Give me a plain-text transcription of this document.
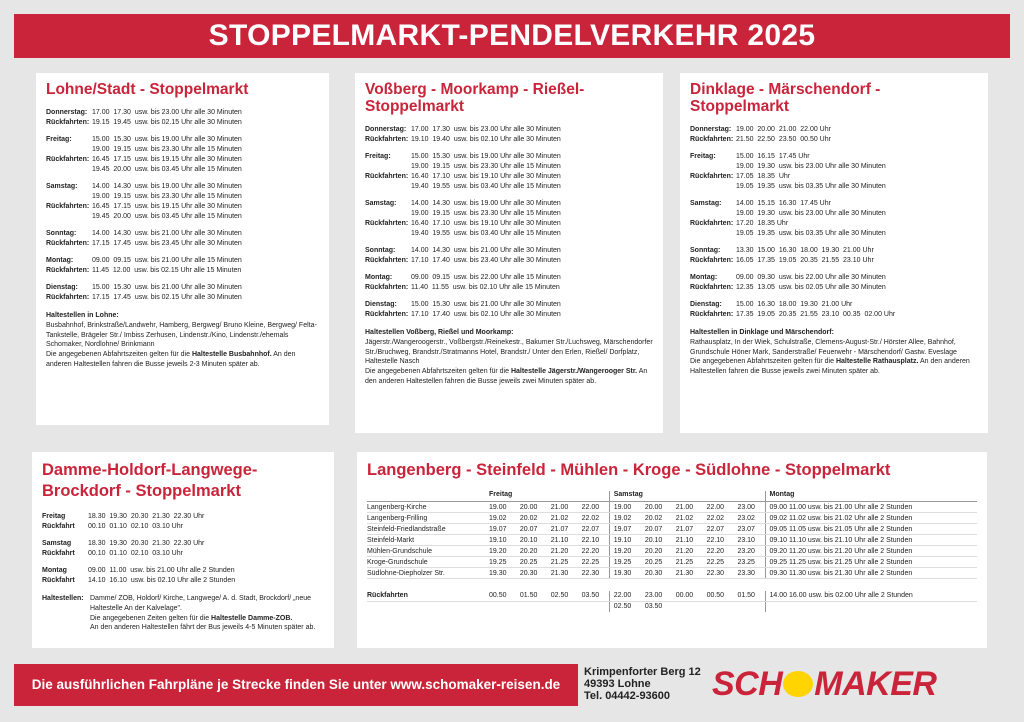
STOPPELMARKT-PENDELVERKEHR 2025
Lohne/Stadt - Stoppelmarkt
Donnerstag: 17.00  17.30  usw. bis 23.00 Uhr alle 30 Minuten
Rückfahrten: 19.15  19.45  usw. bis 02.15 Uhr alle 30 Minuten
Freitag:	15.00  15.30  usw. bis 19.00 Uhr alle 30 Minuten
19.00  19.15  usw. bis 23.30 Uhr alle 15 Minuten
Rückfahrten: 16.45  17.15  usw. bis 19.15 Uhr alle 30 Minuten
19.45  20.00  usw. bis 03.45 Uhr alle 15 Minuten
Samstag:	14.00  14.30  usw. bis 19.00 Uhr alle 30 Minuten
19.00  19.15  usw. bis 23.30 Uhr alle 15 Minuten
Rückfahrten: 16.45  17.15  usw. bis 19.15 Uhr alle 30 Minuten
19.45  20.00  usw. bis 03.45 Uhr alle 15 Minuten
Sonntag:	14.00  14.30  usw. bis 21.00 Uhr alle 30 Minuten
Rückfahrten: 17.15  17.45  usw. bis 23.45 Uhr alle 30 Minuten
Montag:	09.00  09.15  usw. bis 21.00 Uhr alle 15 Minuten
Rückfahrten: 11.45  12.00  usw. bis 02.15 Uhr alle 15 Minuten
Dienstag:	15.00  15.30  usw. bis 21.00 Uhr alle 30 Minuten
Rückfahrten: 17.15  17.45  usw. bis 02.15 Uhr alle 30 Minuten
Haltestellen in Lohne:
Busbahnhof, Brinkstraße/Landwehr, Hamberg, Bergweg/ Bruno Kleine, Bergweg/ Felta-Tankstelle, Brägeler Str./ Imbiss Zerhusen, Lindenstr./Kino, Lindenstr./ehemals Schomaker, Nordlohne/ Brinkmann
Die angegebenen Abfahrtszeiten gelten für die Haltestelle Busbahnhof. An den anderen Haltestellen fahren die Busse jeweils 2-3 Minuten später ab.
Voßberg - Moorkamp - Rießel-Stoppelmarkt
Donnerstag: 17.00  17.30  usw. bis 23.00 Uhr alle 30 Minuten
Rückfahrten: 19.10  19.40  usw. bis 02.10 Uhr alle 30 Minuten
Freitag:	15.00  15.30  usw. bis 19.00 Uhr alle 30 Minuten
19.00  19.15  usw. bis 23.30 Uhr alle 15 Minuten
Rückfahrten: 16.40  17.10  usw. bis 19.10 Uhr alle 30 Minuten
19.40  19.55  usw. bis 03.40 Uhr alle 15 Minuten
Samstag:	14.00  14.30  usw. bis 19.00 Uhr alle 30 Minuten
19.00  19.15  usw. bis 23.30 Uhr alle 15 Minuten
Rückfahrten: 16.40  17.10  usw. bis 19.10 Uhr alle 30 Minuten
19.40  19.55  usw. bis 03.40 Uhr alle 15 Minuten
Sonntag:	14.00  14.30  usw. bis 21.00 Uhr alle 30 Minuten
Rückfahrten: 17.10  17.40  usw. bis 23.40 Uhr alle 30 Minuten
Montag:	09.00  09.15  usw. bis 22.00 Uhr alle 15 Minuten
Rückfahrten: 11.40  11.55  usw. bis 02.10 Uhr alle 15 Minuten
Dienstag:	15.00  15.30  usw. bis 21.00 Uhr alle 30 Minuten
Rückfahrten: 17.10  17.40  usw. bis 02.10 Uhr alle 30 Minuten
Haltestellen Voßberg, Rießel und Moorkamp:
Jägerstr./Wangeroogerstr., Voßbergstr./Reinekestr., Bakumer Str./Luchsweg, Märschendorfer Str./Bruchweg, Brandstr./Stratmanns Hotel, Brandstr./ Unter den Erlen, Rießel/ Dorfplatz, Haltestelle Nasch
Die angegebenen Abfahrtszeiten gelten für die Haltestelle Jägerstr./Wangerooger Str. An den anderen Haltestellen fahren die Busse jeweils zwei Minuten später ab.
Dinklage - Märschendorf - Stoppelmarkt
Donnerstag: 19.00  20.00  21.00  22.00 Uhr
Rückfahrten: 21.50  22.50  23.50  00.50 Uhr
Freitag:	15.00  16.15  17.45 Uhr
19.00  19.30  usw. bis 23.00 Uhr alle 30 Minuten
Rückfahrten: 17.05  18.35  Uhr
19.05  19.35  usw. bis 03.35 Uhr alle 30 Minuten
Samstag:	14.00  15.15  16.30  17.45 Uhr
19.00  19.30  usw. bis 23.00 Uhr alle 30 Minuten
Rückfahrten: 17.20  18.35 Uhr
19.05  19.35  usw. bis 03.35 Uhr alle 30 Minuten
Sonntag:	13.30  15.00  16.30  18.00  19.30  21.00 Uhr
Rückfahrten: 16.05  17.35  19.05  20.35  21.55  23.10 Uhr
Montag:	09.00  09.30  usw. bis 22.00 Uhr alle 30 Minuten
Rückfahrten: 12.35  13.05  usw. bis 02.05 Uhr alle 30 Minuten
Dienstag:	15.00  16.30  18.00  19.30  21.00 Uhr
Rückfahrten: 17.35  19.05  20.35  21.55  23.10  00.35  02.00 Uhr
Haltestellen in Dinklage und Märschendorf:
Rathausplatz, In der Wiek, Schulstraße, Clemens-August-Str./ Hörster Allee, Bahnhof, Grundschule Höner Mark, Sanderstraße/ Feuerwehr - Märschendorf/ Gastw. Eveslage
Die angegebenen Abfahrtszeiten gelten für die Haltestelle Rathausplatz. An den anderen Haltestellen fahren die Busse jeweils zwei Minuten später ab.
Damme-Holdorf-Langwege-Brockdorf - Stoppelmarkt
Freitag	18.30  19.30  20.30  21.30  22.30 Uhr
Rückfahrt	00.10  01.10  02.10  03.10 Uhr
Samstag	18.30  19.30  20.30  21.30  22.30 Uhr
Rückfahrt	00.10  01.10  02.10  03.10 Uhr
Montag	09.00  11.00  usw. bis 21.00 Uhr alle 2 Stunden
Rückfahrt	14.10  16.10  usw. bis 02.10 Uhr alle 2 Stunden
Haltestellen: Damme/ ZOB, Holdorf/ Kirche, Langwege/ A. d. Stadt, Brockdorf/ „neue Haltestelle An der Kalvelage".
Die angegebenen Zeiten gelten für die Haltestelle Damme-ZOB.
An den anderen Haltestellen fährt der Bus jeweils 4-5 Minuten später ab.
Langenberg - Steinfeld - Mühlen - Kroge - Südlohne - Stoppelmarkt
	Freitag				Samstag					Montag
Langenberg-Kirche	19.00	20.00	21.00	22.00	19.00	20.00	21.00	22.00	23.00	09.00 11.00 usw. bis 21.00 Uhr alle 2 Stunden
Langenberg-Frilling	19.02	20.02	21.02	22.02	19.02	20.02	21.02	22.02	23.02	09.02 11.02 usw. bis 21.02 Uhr alle 2 Stunden
Steinfeld-Friedlandstraße	19.07	20.07	21.07	22.07	19.07	20.07	21.07	22.07	23.07	09.05 11.05 usw. bis 21.05 Uhr alle 2 Stunden
Steinfeld-Markt	19.10	20.10	21.10	22.10	19.10	20.10	21.10	22.10	23.10	09.10 11.10 usw. bis 21.10 Uhr alle 2 Stunden
Mühlen-Grundschule	19.20	20.20	21.20	22.20	19.20	20.20	21.20	22.20	23.20	09.20 11.20 usw. bis 21.20 Uhr alle 2 Stunden
Kroge-Grundschule	19.25	20.25	21.25	22.25	19.25	20.25	21.25	22.25	23.25	09.25 11.25 usw. bis 21.25 Uhr alle 2 Stunden
Südlohne-Diepholzer Str.	19.30	20.30	21.30	22.30	19.30	20.30	21.30	22.30	23.30	09.30 11.30 usw. bis 21.30 Uhr alle 2 Stunden

Rückfahrten	00.50	01.50	02.50	03.50	22.00	23.00	00.00	00.50	01.50	14.00 16.00 usw. bis 02.00 Uhr alle 2 Stunden
					02.50	03.50				
Die ausführlichen Fahrpläne je Strecke finden Sie unter www.schomaker-reisen.de
Krimpenforter Berg 12
49393 Lohne
Tel. 04442-93600	SCH MAKER
